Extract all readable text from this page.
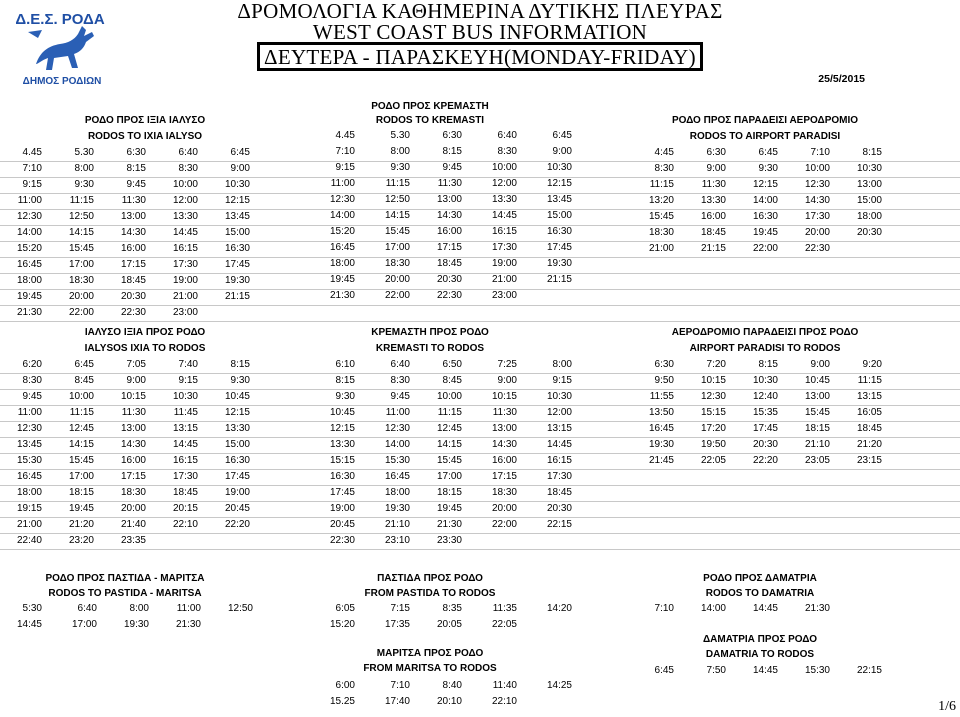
Δ.Ε.Σ. ΡΟΔΑ
ΔΗΜΟΣ ΡΟΔΙΩΝ
ΔΡΟΜΟΛΟΓΙΑ ΚΑΘΗΜΕΡΙΝΑ ΔΥΤΙΚΗΣ ΠΛΕΥΡΑΣ
WEST COAST BUS INFORMATION
ΔΕΥΤΕΡΑ - ΠΑΡΑΣΚΕΥΗ(MONDAY-FRIDAY)
25/5/2015
ΡΟΔΟ ΠΡΟΣ ΙΞΙΑ ΙΑΛΥΣΟ
RODOS TO IXIA IALYSO
4.45	5.30	6:30	6:40	6:45
7:10	8:00	8:15	8:30	9:00
9:15	9:30	9:45	10:00	10:30
11:00	11:15	11:30	12:00	12:15
12:30	12:50	13:00	13:30	13:45
14:00	14:15	14:30	14:45	15:00
15:20	15:45	16:00	16:15	16:30
16:45	17:00	17:15	17:30	17:45
18:00	18:30	18:45	19:00	19:30
19:45	20:00	20:30	21:00	21:15
21:30	22:00	22:30	23:00
ΡΟΔΟ ΠΡΟΣ ΚΡΕΜΑΣΤΗ
RODOS TO KREMASTI
4.45	5.30	6:30	6:40	6:45
7:10	8:00	8:15	8:30	9:00
9:15	9:30	9:45	10:00	10:30
11:00	11:15	11:30	12:00	12:15
12:30	12:50	13:00	13:30	13:45
14:00	14:15	14:30	14:45	15:00
15:20	15:45	16:00	16:15	16:30
16:45	17:00	17:15	17:30	17:45
18:00	18:30	18:45	19:00	19:30
19:45	20:00	20:30	21:00	21:15
21:30	22:00	22:30	23:00
ΡΟΔΟ ΠΡΟΣ ΠΑΡΑΔΕΙΣΙ ΑΕΡΟΔΡΟΜΙΟ
RODOS TO AIRPORT PARADISI
4:45	6:30	6:45	7:10	8:15
8:30	9:00	9:30	10:00	10:30
11:15	11:30	12:15	12:30	13:00
13:20	13:30	14:00	14:30	15:00
15:45	16:00	16:30	17:30	18:00
18:30	18:45	19:45	20:00	20:30
21:00	21:15	22:00	22:30
ΙΑΛΥΣΟ ΙΞΙΑ ΠΡΟΣ ΡΟΔΟ
IALYSOS IXIA TO RODOS
6:20	6:45	7:05	7:40	8:15
8:30	8:45	9:00	9:15	9:30
9:45	10:00	10:15	10:30	10:45
11:00	11:15	11:30	11:45	12:15
12:30	12:45	13:00	13:15	13:30
13:45	14:15	14:30	14:45	15:00
15:30	15:45	16:00	16:15	16:30
16:45	17:00	17:15	17:30	17:45
18:00	18:15	18:30	18:45	19:00
19:15	19:45	20:00	20:15	20:45
21:00	21:20	21:40	22:10	22:20
22:40	23:20	23:35
ΚΡΕΜΑΣΤΗ ΠΡΟΣ ΡΟΔΟ
KREMASTI TO RODOS
6:10	6:40	6:50	7:25	8:00
8:15	8:30	8:45	9:00	9:15
9:30	9:45	10:00	10:15	10:30
10:45	11:00	11:15	11:30	12:00
12:15	12:30	12:45	13:00	13:15
13:30	14:00	14:15	14:30	14:45
15:15	15:30	15:45	16:00	16:15
16:30	16:45	17:00	17:15	17:30
17:45	18:00	18:15	18:30	18:45
19:00	19:30	19:45	20:00	20:30
20:45	21:10	21:30	22:00	22:15
22:30	23:10	23:30
ΑΕΡΟΔΡΟΜΙΟ ΠΑΡΑΔΕΙΣΙ ΠΡΟΣ ΡΟΔΟ
AIRPORT PARADISI TO RODOS
6:30	7:20	8:15	9:00	9:20
9:50	10:15	10:30	10:45	11:15
11:55	12:30	12:40	13:00	13:15
13:50	15:15	15:35	15:45	16:05
16:45	17:20	17:45	18:15	18:45
19:30	19:50	20:30	21:10	21:20
21:45	22:05	22:20	23:05	23:15
ΡΟΔΟ ΠΡΟΣ ΠΑΣΤΙΔΑ - ΜΑΡΙΤΣΑ
RODOS TO PASTIDA - MARITSA
5:30	6:40	8:00	11:00	12:50
14:45	17:00	19:30	21:30
ΠΑΣΤΙΔΑ ΠΡΟΣ ΡΟΔΟ
FROM PASTIDA TO RODOS
6:05	7:15	8:35	11:35	14:20
15:20	17:35	20:05	22:05
ΜΑΡΙΤΣΑ ΠΡΟΣ ΡΟΔΟ
FROM MARITSA TO RODOS
6:00	7:10	8:40	11:40	14:25
15.25	17:40	20:10	22:10
ΡΟΔΟ ΠΡΟΣ ΔΑΜΑΤΡΙΑ
RODOS TO DAMATRIA
7:10	14:00	14:45	21:30
ΔΑΜΑΤΡΙΑ ΠΡΟΣ ΡΟΔΟ
DAMATRIA TO RODOS
6:45	7:50	14:45	15:30	22:15
1/6
